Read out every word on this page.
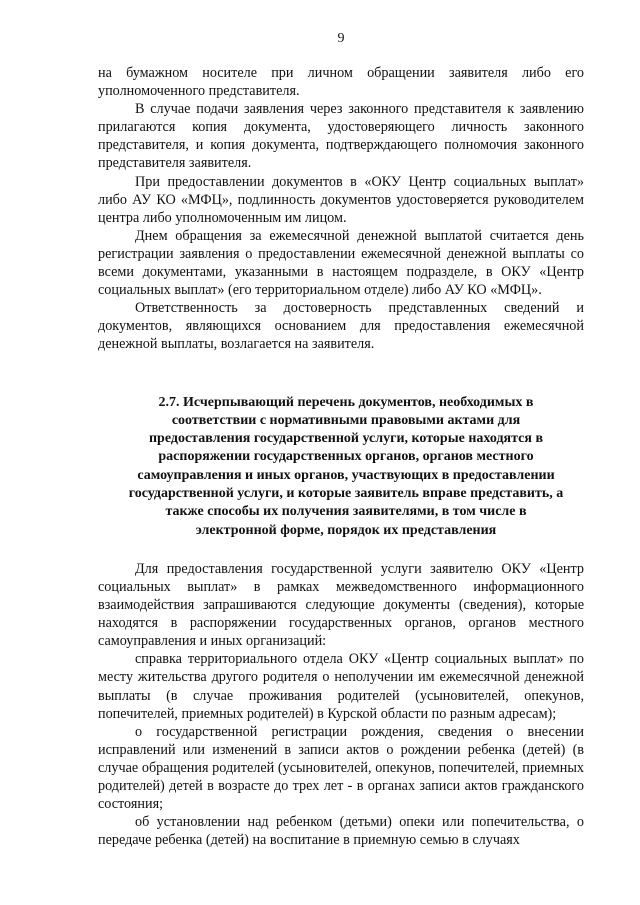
9

на бумажном носителе при личном обращении заявителя либо его уполномоченного представителя.

В случае подачи заявления через законного представителя к заявлению прилагаются копия документа, удостоверяющего личность законного представителя, и копия документа, подтверждающего полномочия законного представителя заявителя.

При предоставлении документов в «ОКУ Центр социальных выплат» либо АУ КО «МФЦ», подлинность документов удостоверяется руководителем центра либо уполномоченным им лицом.

Днем обращения за ежемесячной денежной выплатой считается день регистрации заявления о предоставлении ежемесячной денежной выплаты со всеми документами, указанными в настоящем подразделе, в ОКУ «Центр социальных выплат» (его территориальном отделе) либо АУ КО «МФЦ».

Ответственность за достоверность представленных сведений и документов, являющихся основанием для предоставления ежемесячной денежной выплаты, возлагается на заявителя.

2.7. Исчерпывающий перечень документов, необходимых в соответствии с нормативными правовыми актами для предоставления государственной услуги, которые находятся в распоряжении государственных органов, органов местного самоуправления и иных органов, участвующих в предоставлении государственной услуги, и которые заявитель вправе представить, а также способы их получения заявителями, в том числе в электронной форме, порядок их представления

Для предоставления государственной услуги заявителю ОКУ «Центр социальных выплат» в рамках межведомственного информационного взаимодействия запрашиваются следующие документы (сведения), которые находятся в распоряжении государственных органов, органов местного самоуправления и иных организаций:

справка территориального отдела ОКУ «Центр социальных выплат» по месту жительства другого родителя о неполучении им ежемесячной денежной выплаты (в случае проживания родителей (усыновителей, опекунов, попечителей, приемных родителей) в Курской области по разным адресам);

о государственной регистрации рождения, сведения о внесении исправлений или изменений в записи актов о рождении ребенка (детей) (в случае обращения родителей (усыновителей, опекунов, попечителей, приемных родителей) детей в возрасте до трех лет - в органах записи актов гражданского состояния;

об установлении над ребенком (детьми) опеки или попечительства, о передаче ребенка (детей) на воспитание в приемную семью в случаях
